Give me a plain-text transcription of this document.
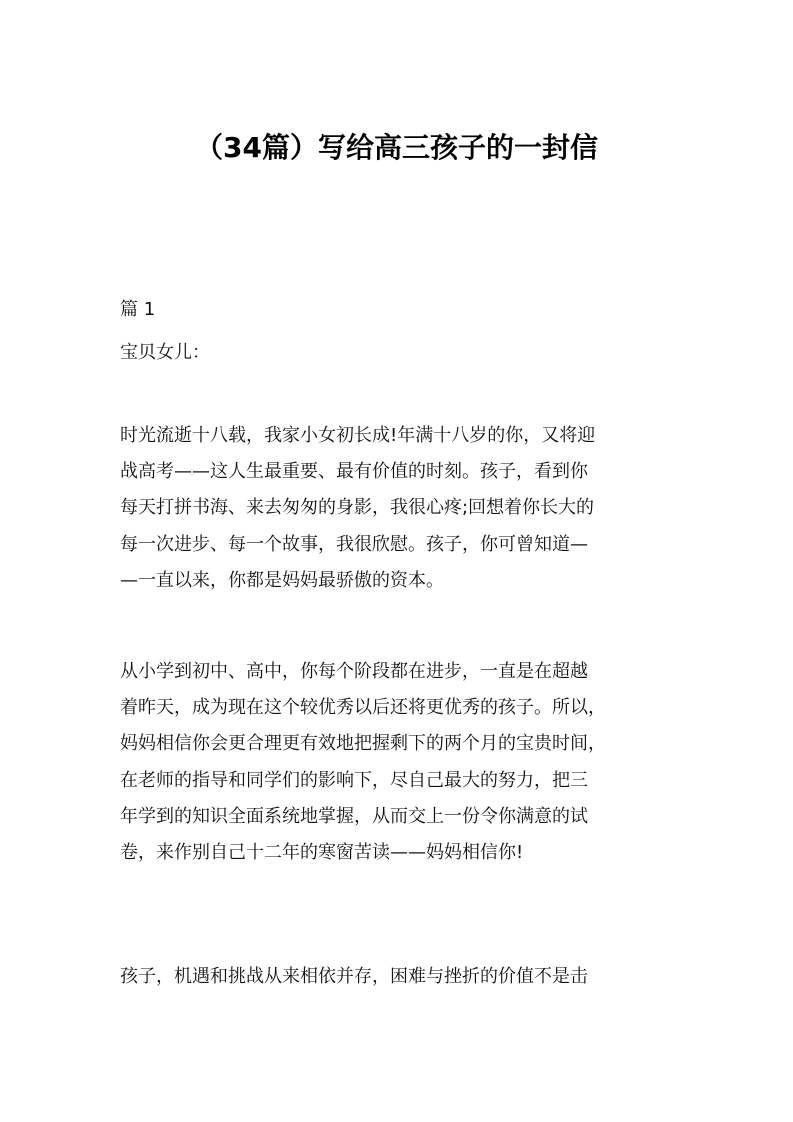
（34篇）写给高三孩子的一封信
篇 1
宝贝女儿：
时光流逝十八载，我家小女初长成!年满十八岁的你，又将迎
战高考——这人生最重要、最有价值的时刻。孩子，看到你
每天打拼书海、来去匆匆的身影，我很心疼;回想着你长大的
每一次进步、每一个故事，我很欣慰。孩子，你可曾知道—
—一直以来，你都是妈妈最骄傲的资本。
从小学到初中、高中，你每个阶段都在进步，一直是在超越
着昨天，成为现在这个较优秀以后还将更优秀的孩子。所以，
妈妈相信你会更合理更有效地把握剩下的两个月的宝贵时间，
在老师的指导和同学们的影响下，尽自己最大的努力，把三
年学到的知识全面系统地掌握，从而交上一份令你满意的试
卷，来作别自己十二年的寒窗苦读——妈妈相信你!
孩子，机遇和挑战从来相依并存，困难与挫折的价值不是击
